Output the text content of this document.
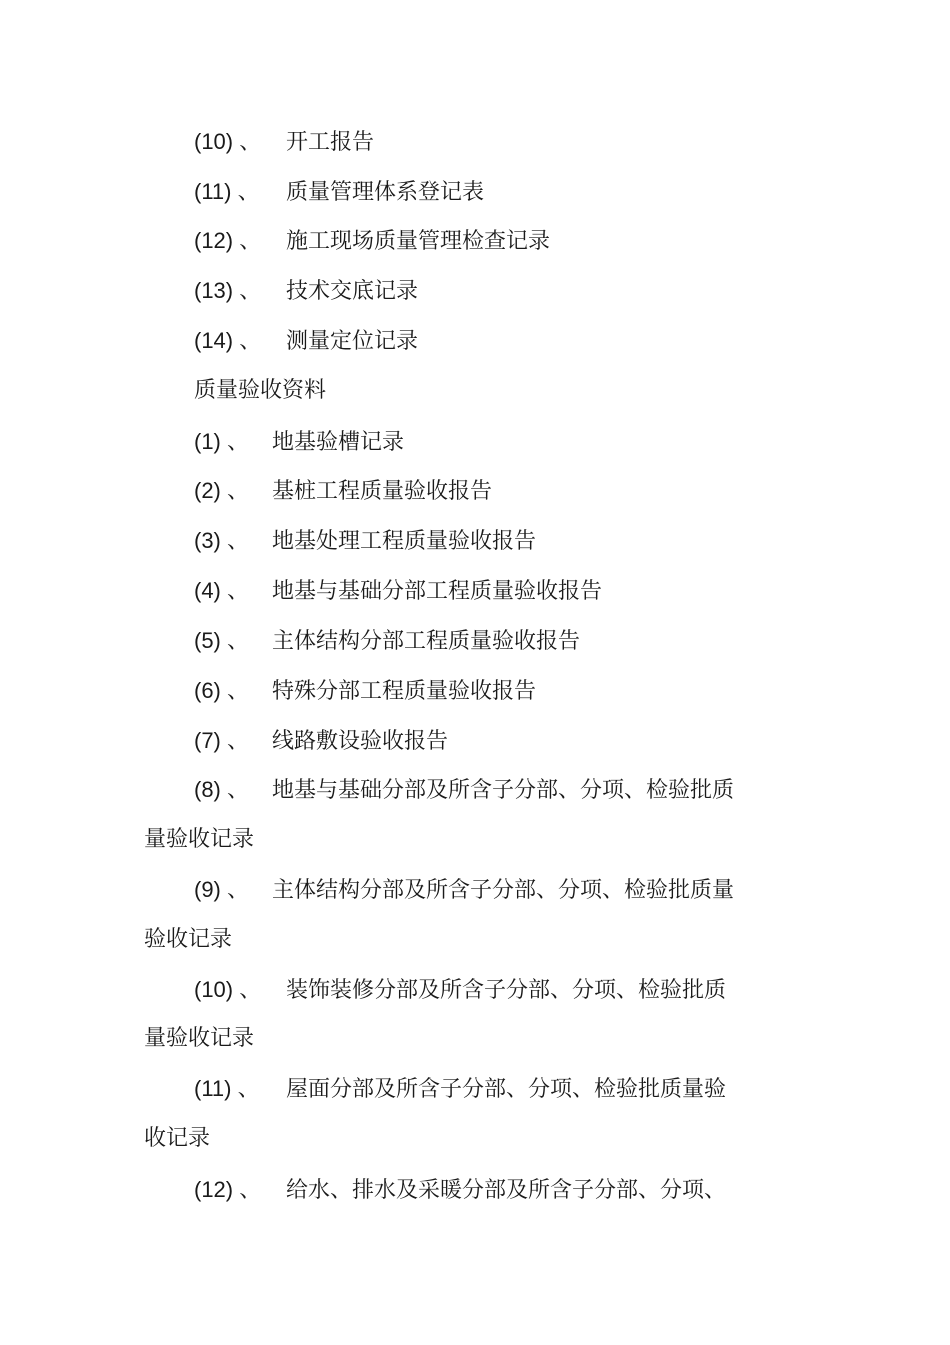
(10) 、 开工报告
(11) 、 质量管理体系登记表
(12) 、 施工现场质量管理检查记录
(13) 、 技术交底记录
(14) 、 测量定位记录
质量验收资料
(1) 、 地基验槽记录
(2) 、 基桩工程质量验收报告
(3) 、 地基处理工程质量验收报告
(4) 、 地基与基础分部工程质量验收报告
(5) 、 主体结构分部工程质量验收报告
(6) 、 特殊分部工程质量验收报告
(7) 、 线路敷设验收报告
(8) 、 地基与基础分部及所含子分部、分项、检验批质
量验收记录
(9) 、 主体结构分部及所含子分部、分项、检验批质量
验收记录
(10) 、 装饰装修分部及所含子分部、分项、检验批质
量验收记录
(11) 、 屋面分部及所含子分部、分项、检验批质量验
收记录
(12) 、 给水、排水及采暖分部及所含子分部、分项、
